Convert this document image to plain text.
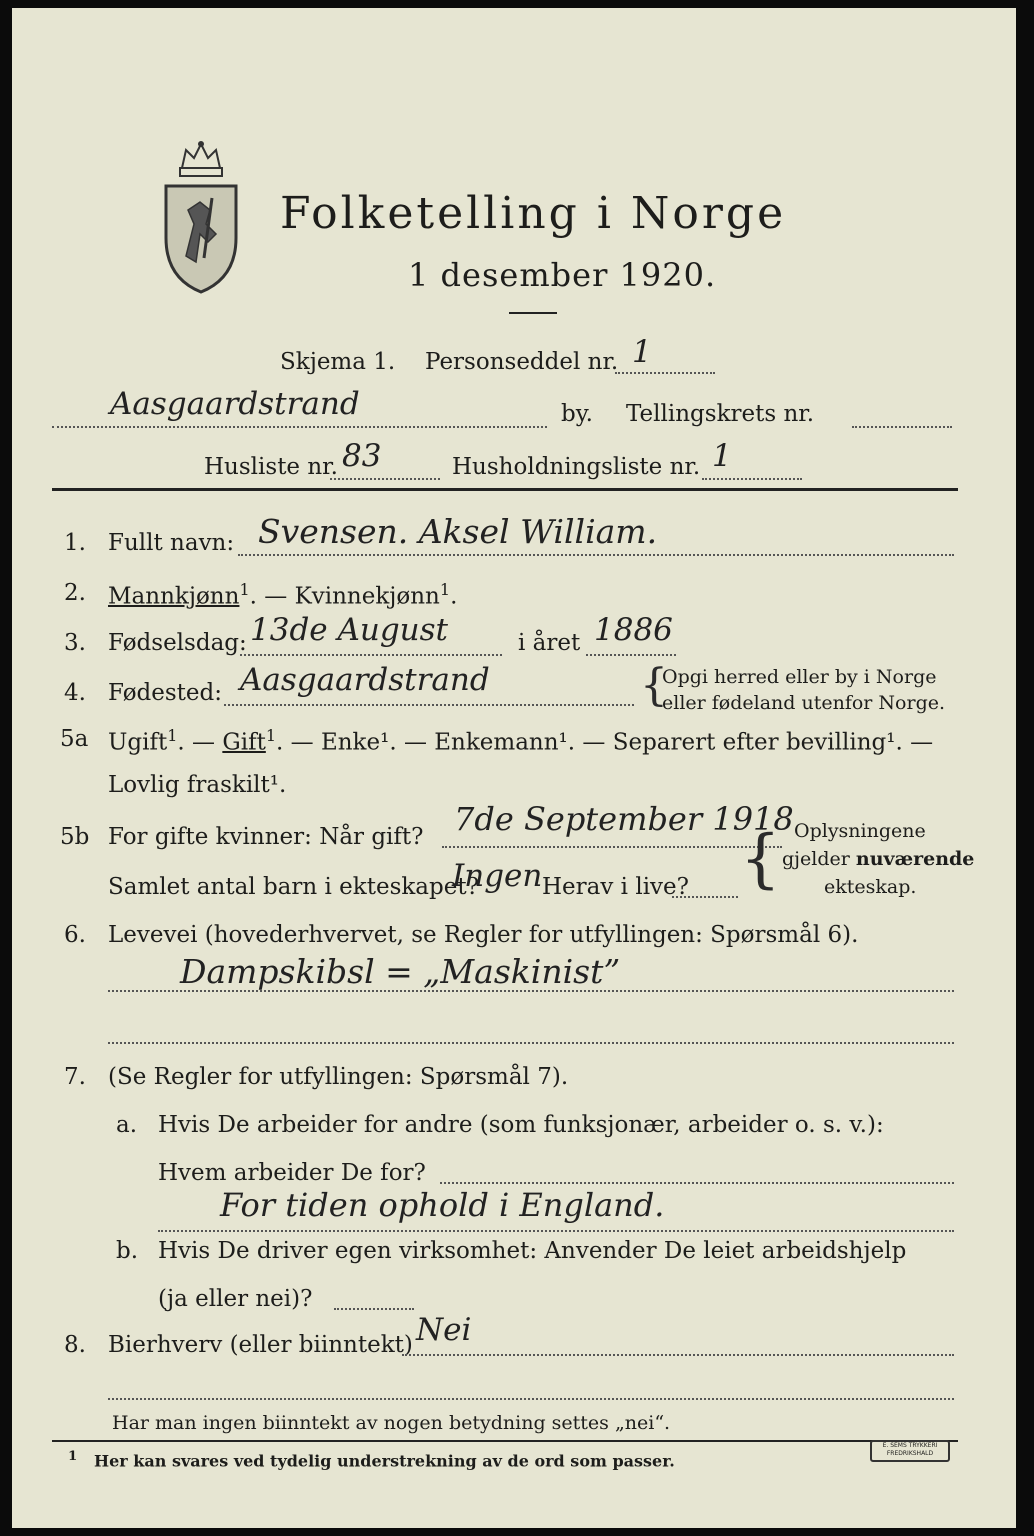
Folketelling i Norge
1 desember 1920.
Skjema 1. Personseddel nr. 1
Aasgaardstrand	by. Tellingskrets nr.
Husliste nr. 83	Husholdningsliste nr. 1
1. Fullt navn: Svensen. Aksel William.
2. Mannkjønn$^1$. — Kvinnekjønn$^1$.
3. Fødselsdag: 13de August	i året 1886
4. Fødested: Aasgaardstrand	{
Opgi herred eller by i Norge
eller fødeland utenfor Norge.
5a Ugift$^1$. — Gift$^1$. — Enke¹. — Enkemann¹. — Separert efter bevilling¹. —
Lovlig fraskilt¹.
5b For gifte kvinner: Når gift? 7de September 1918
Samlet antal barn i ekteskapet?
Ingen Herav i live? { Oplysningene
gjelder nuværende
ekteskap.
6. Levevei (hovederhvervet, se Regler for utfyllingen: Spørsmål 6).
Dampskibsl = „Maskinist”
7. (Se Regler for utfyllingen: Spørsmål 7).
a. Hvis De arbeider for andre (som funksjonær, arbeider o. s. v.):
Hvem arbeider De for?
For tiden ophold i England.
b. Hvis De driver egen virksomhet: Anvender De leiet arbeidshjelp
(ja eller nei)?
8. Bierhverv (eller biinntekt) Nei
Har man ingen biinntekt av nogen betydning settes „nei“.
$^1$ Her kan svares ved tydelig understrekning av de ord som passer.
E. SEMS TRYKKERI FREDRIKSHALD
